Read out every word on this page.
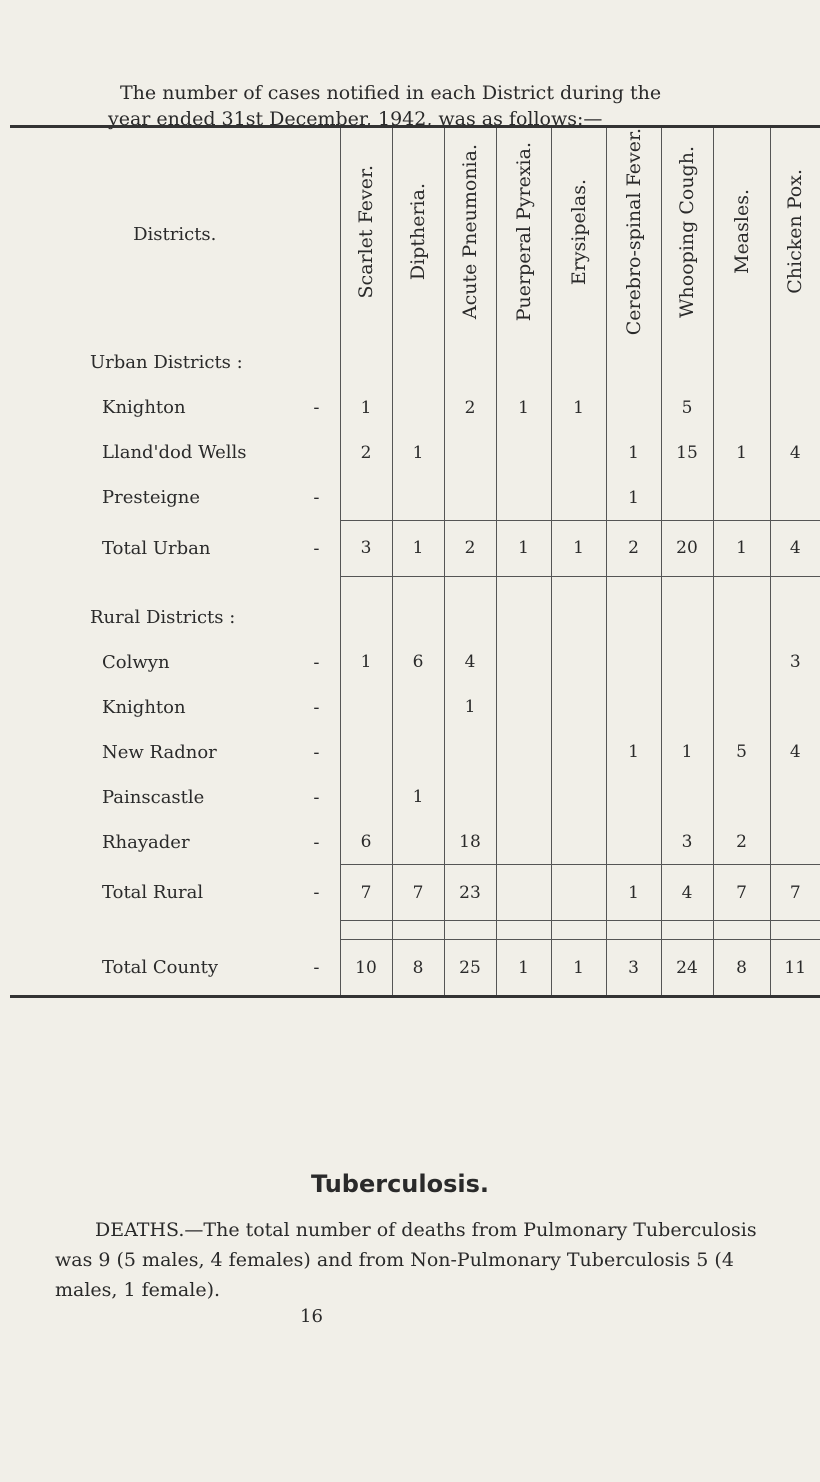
The number of cases notified in each District during the
year ended 31st December, 1942, was as follows:—
Districts.	Scarlet Fever.	Diptheria.	Acute Pneumonia.	Puerperal Pyrexia.	Erysipelas.	Cerebro-spinal Fever.	Whooping Cough.	Measles.	Chicken Pox.
Urban Districts :									
Knighton -	1		2	1	1		5		
Lland'dod Wells	2	1				1	15	1	4
Presteigne -						1			
Total Urban -	3	1	2	1	1	2	20	1	4

Rural Districts :									
Colwyn -	1	6	4						3
Knighton -			1						
New Radnor -						1	1	5	4
Painscastle -		1							
Rhayader -	6		18				3	2	
Total Rural -	7	7	23			1	4	7	7

Total County -	10	8	25	1	1	3	24	8	11
Tuberculosis.
DEATHS.—The total number of deaths from Pulmonary Tuberculosis was 9 (5 males, 4 females) and from Non-Pulmonary Tuberculosis 5 (4 males, 1 female).
16
